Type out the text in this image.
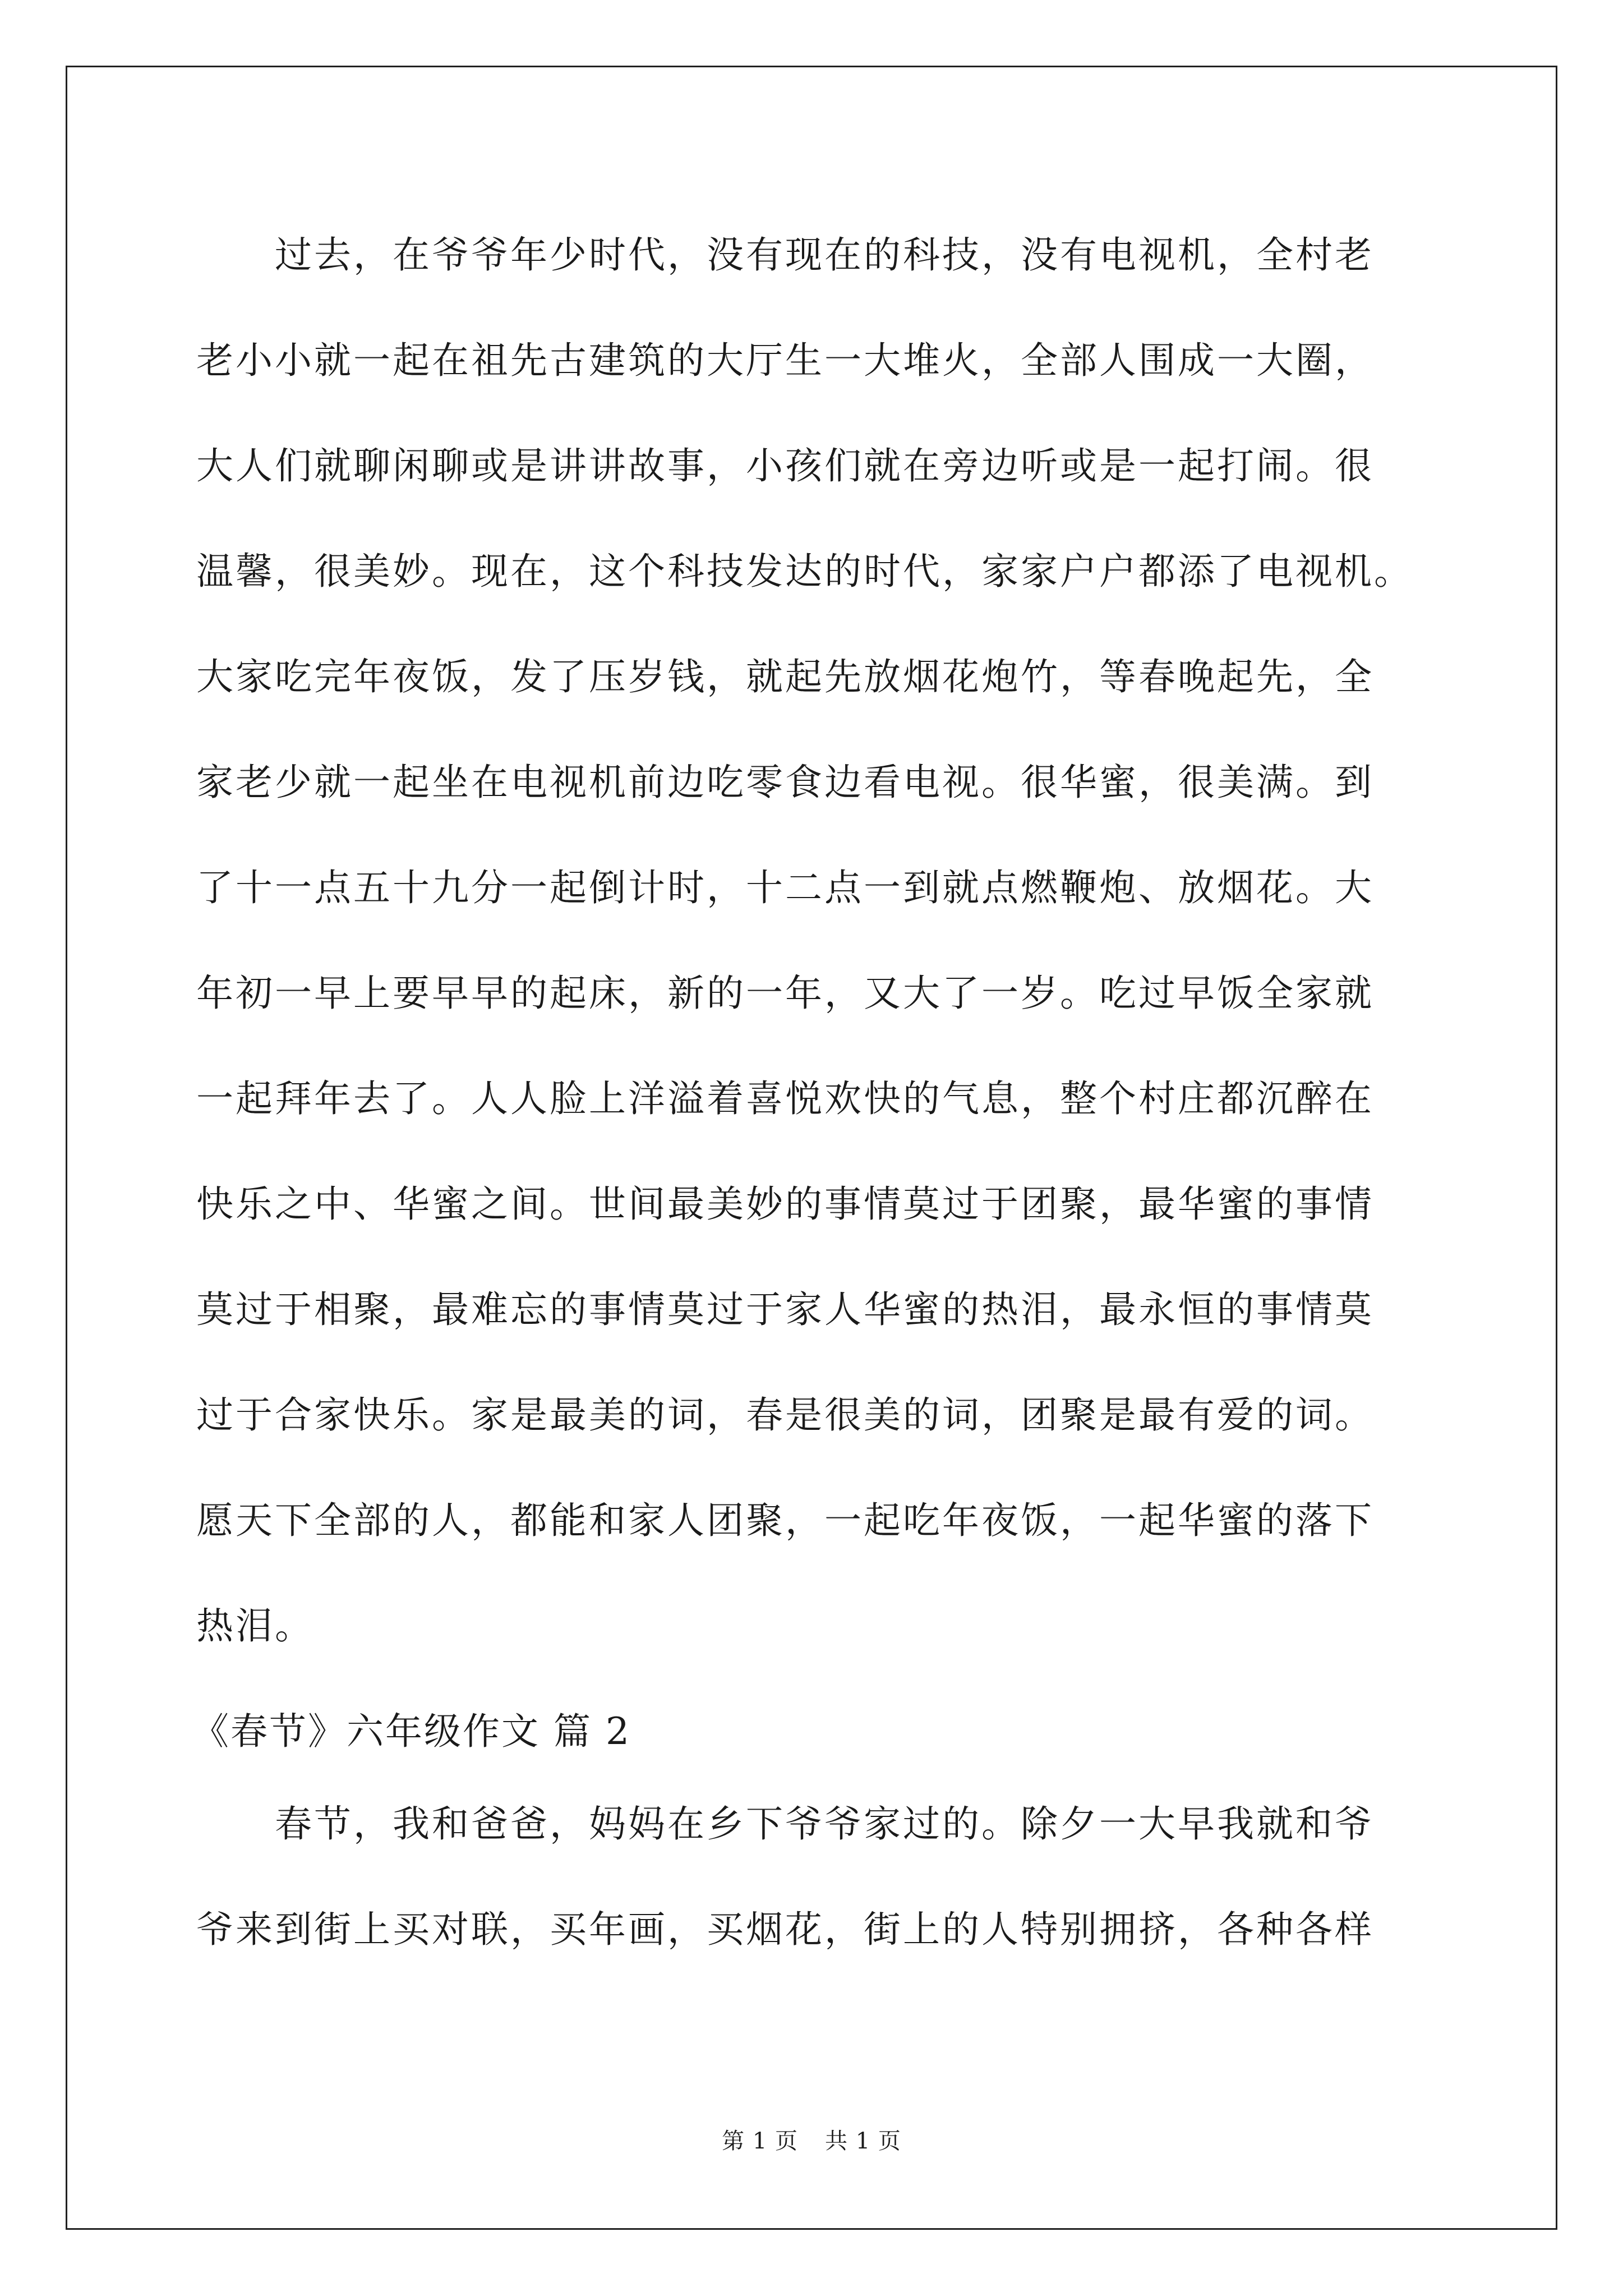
　　过去，在爷爷年少时代，没有现在的科技，没有电视机，全村老
老小小就一起在祖先古建筑的大厅生一大堆火，全部人围成一大圈，
大人们就聊闲聊或是讲讲故事，小孩们就在旁边听或是一起打闹。很
温馨，很美妙。现在，这个科技发达的时代，家家户户都添了电视机。
大家吃完年夜饭，发了压岁钱，就起先放烟花炮竹，等春晚起先，全
家老少就一起坐在电视机前边吃零食边看电视。很华蜜，很美满。到
了十一点五十九分一起倒计时，十二点一到就点燃鞭炮、放烟花。大
年初一早上要早早的起床，新的一年，又大了一岁。吃过早饭全家就
一起拜年去了。人人脸上洋溢着喜悦欢快的气息，整个村庄都沉醉在
快乐之中、华蜜之间。世间最美妙的事情莫过于团聚，最华蜜的事情
莫过于相聚，最难忘的事情莫过于家人华蜜的热泪，最永恒的事情莫
过于合家快乐。家是最美的词，春是很美的词，团聚是最有爱的词。
愿天下全部的人，都能和家人团聚，一起吃年夜饭，一起华蜜的落下
热泪。
《春节》六年级作文 篇 2
　　春节，我和爸爸，妈妈在乡下爷爷家过的。除夕一大早我就和爷
爷来到街上买对联，买年画，买烟花，街上的人特别拥挤，各种各样
第 1 页 共 1 页
